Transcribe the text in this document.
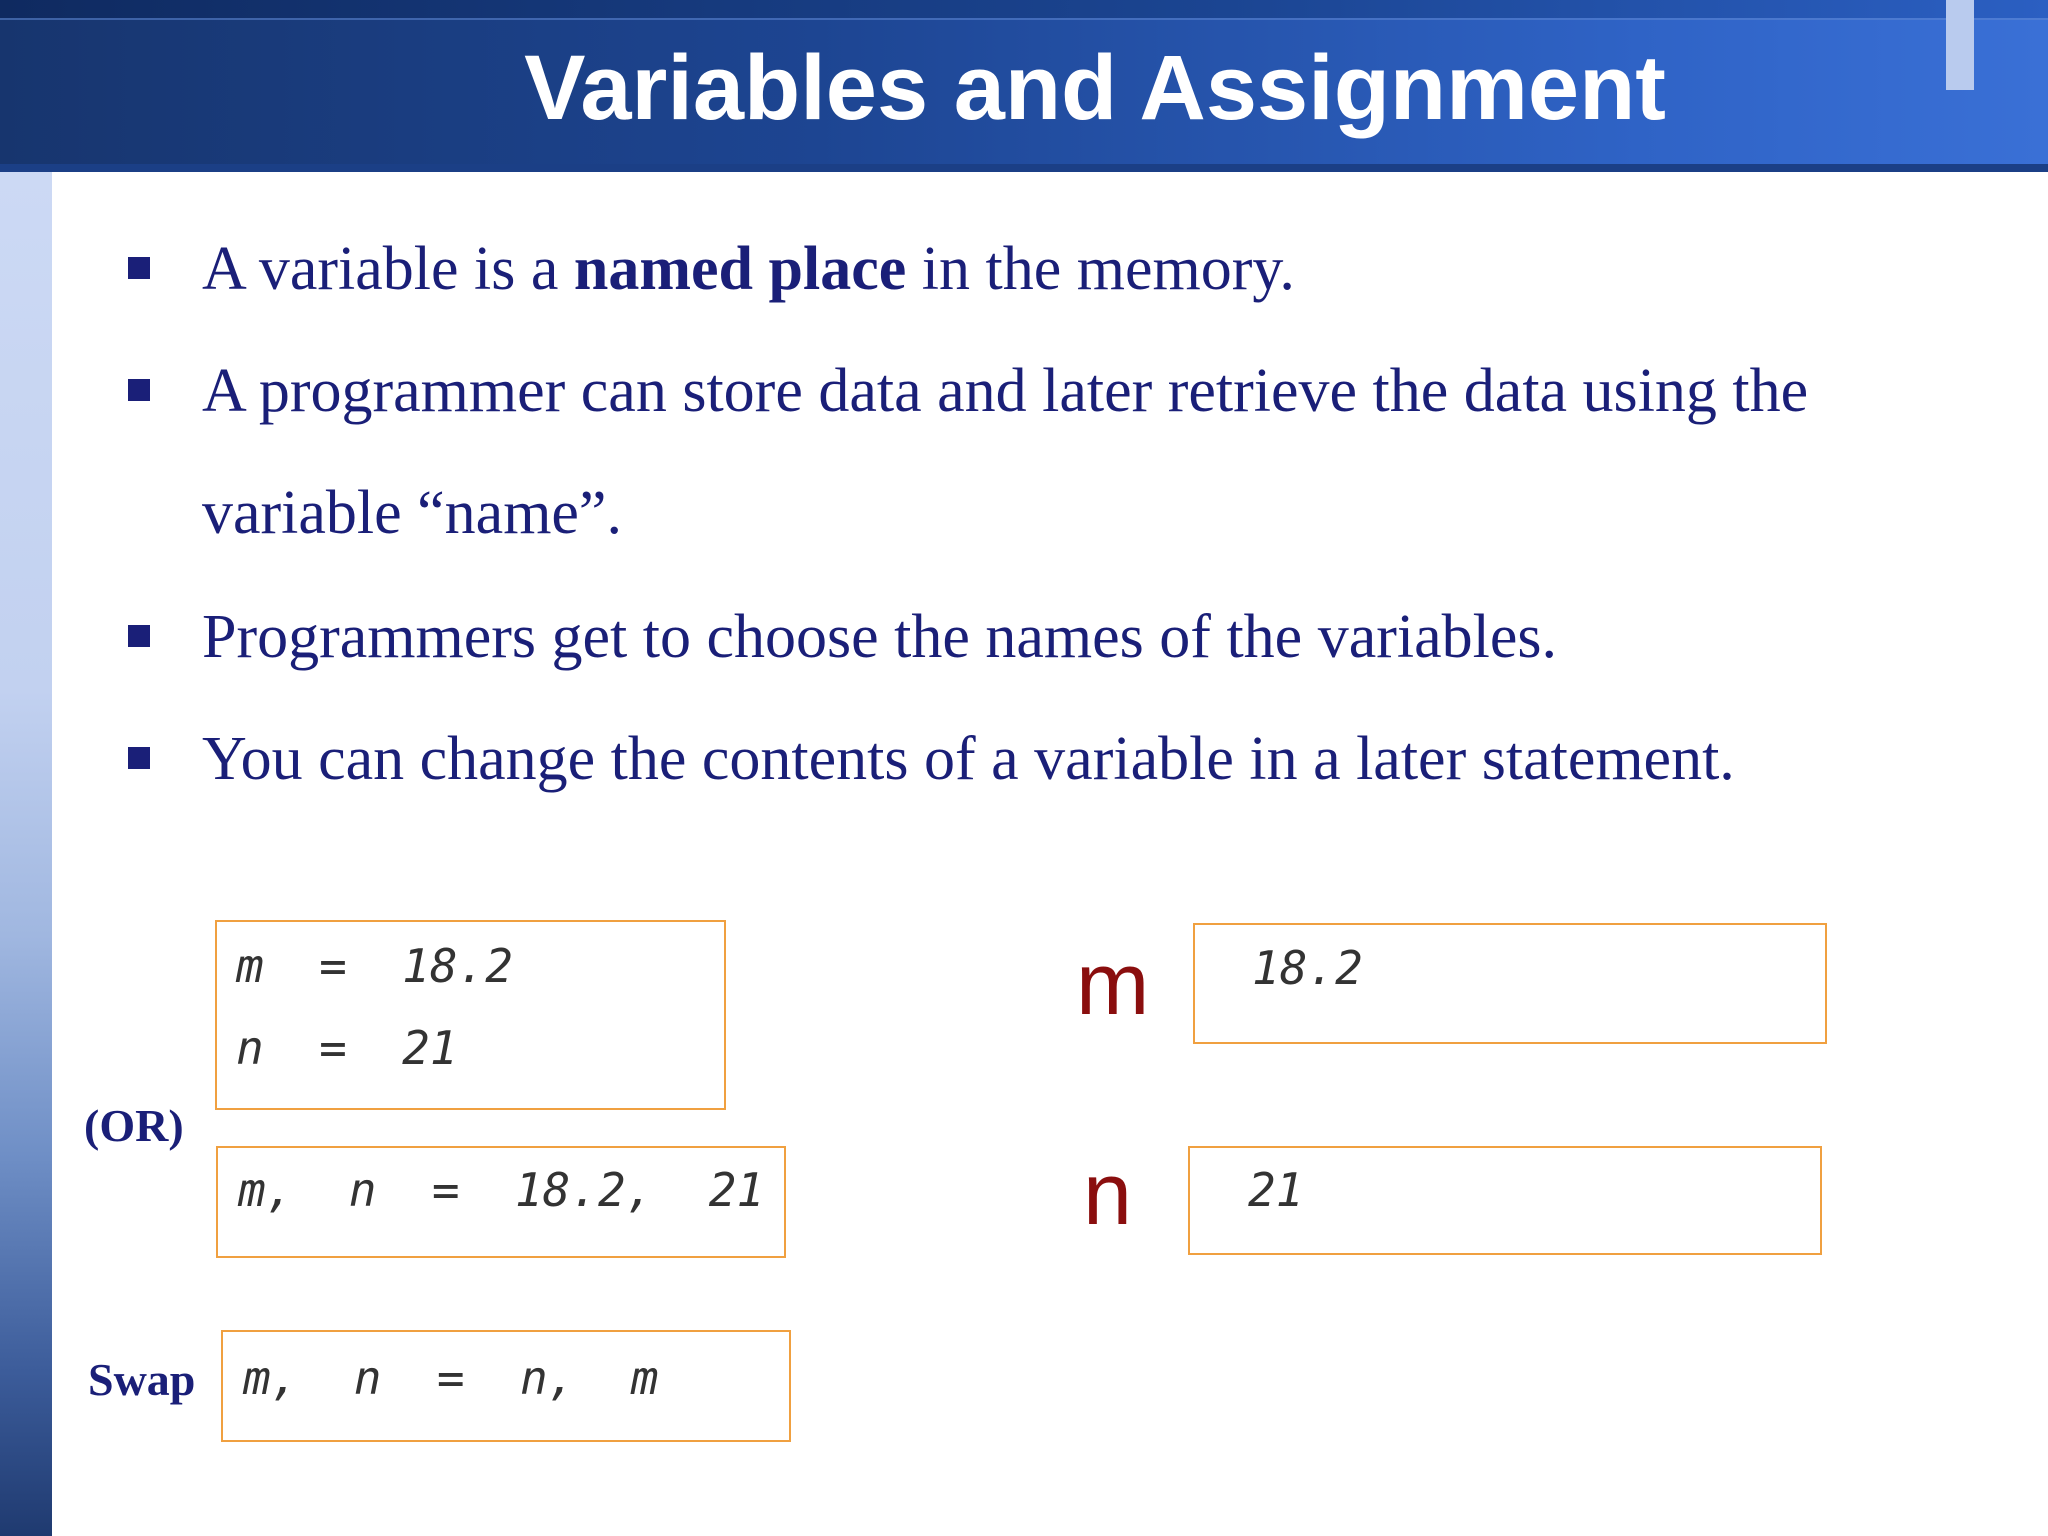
Variables and Assignment
A variable is a named place in the memory.
A programmer can store data and later retrieve the data using the
variable “name”.
Programmers get to choose the names of the variables.
You can change the contents of a variable in a later statement.
m  =  18.2
n  =  21
(OR)
m,  n  =  18.2,  21
Swap m,  n  =  n,  m
m 18.2
n	21
